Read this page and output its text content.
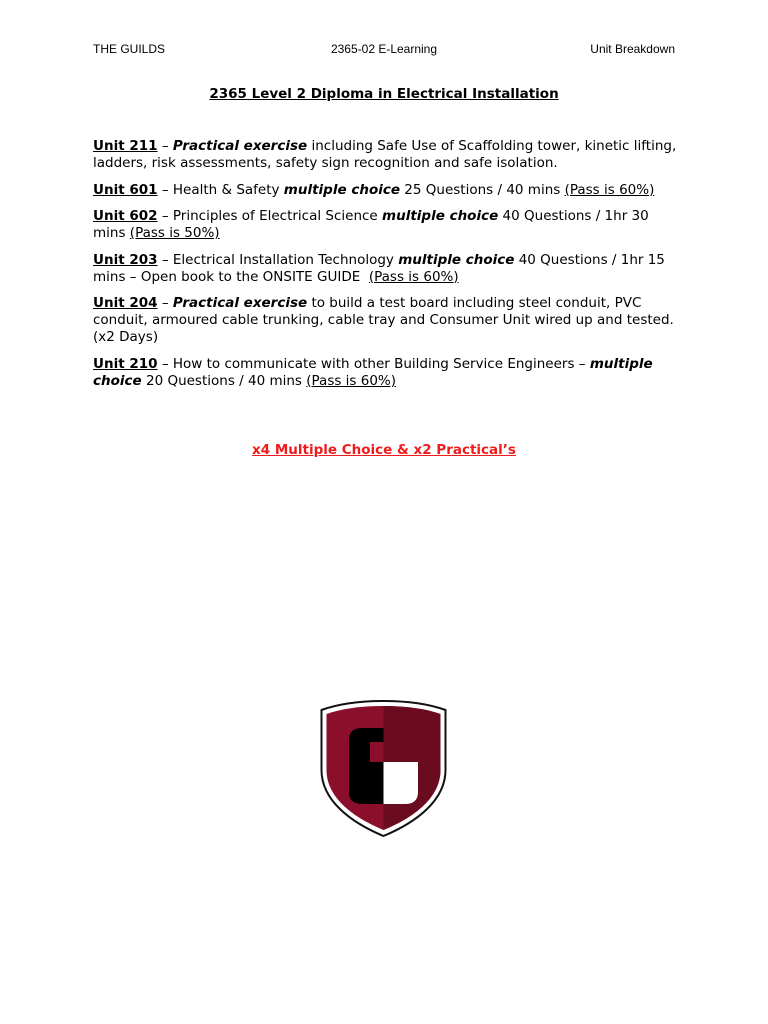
THE GUILDS	2365-02 E-Learning	Unit Breakdown
2365 Level 2 Diploma in Electrical Installation

Unit 211 – Practical exercise including Safe Use of Scaffolding tower, kinetic lifting, ladders, risk assessments, safety sign recognition and safe isolation.

Unit 601 – Health & Safety multiple choice 25 Questions / 40 mins (Pass is 60%)

Unit 602 – Principles of Electrical Science multiple choice 40 Questions / 1hr 30 mins (Pass is 50%)

Unit 203 – Electrical Installation Technology multiple choice 40 Questions / 1hr 15 mins – Open book to the ONSITE GUIDE  (Pass is 60%)

Unit 204 – Practical exercise to build a test board including steel conduit, PVC conduit, armoured cable trunking, cable tray and Consumer Unit wired up and tested. (x2 Days)

Unit 210 – How to communicate with other Building Service Engineers – multiple choice 20 Questions / 40 mins (Pass is 60%)

x4 Multiple Choice & x2 Practical’s
